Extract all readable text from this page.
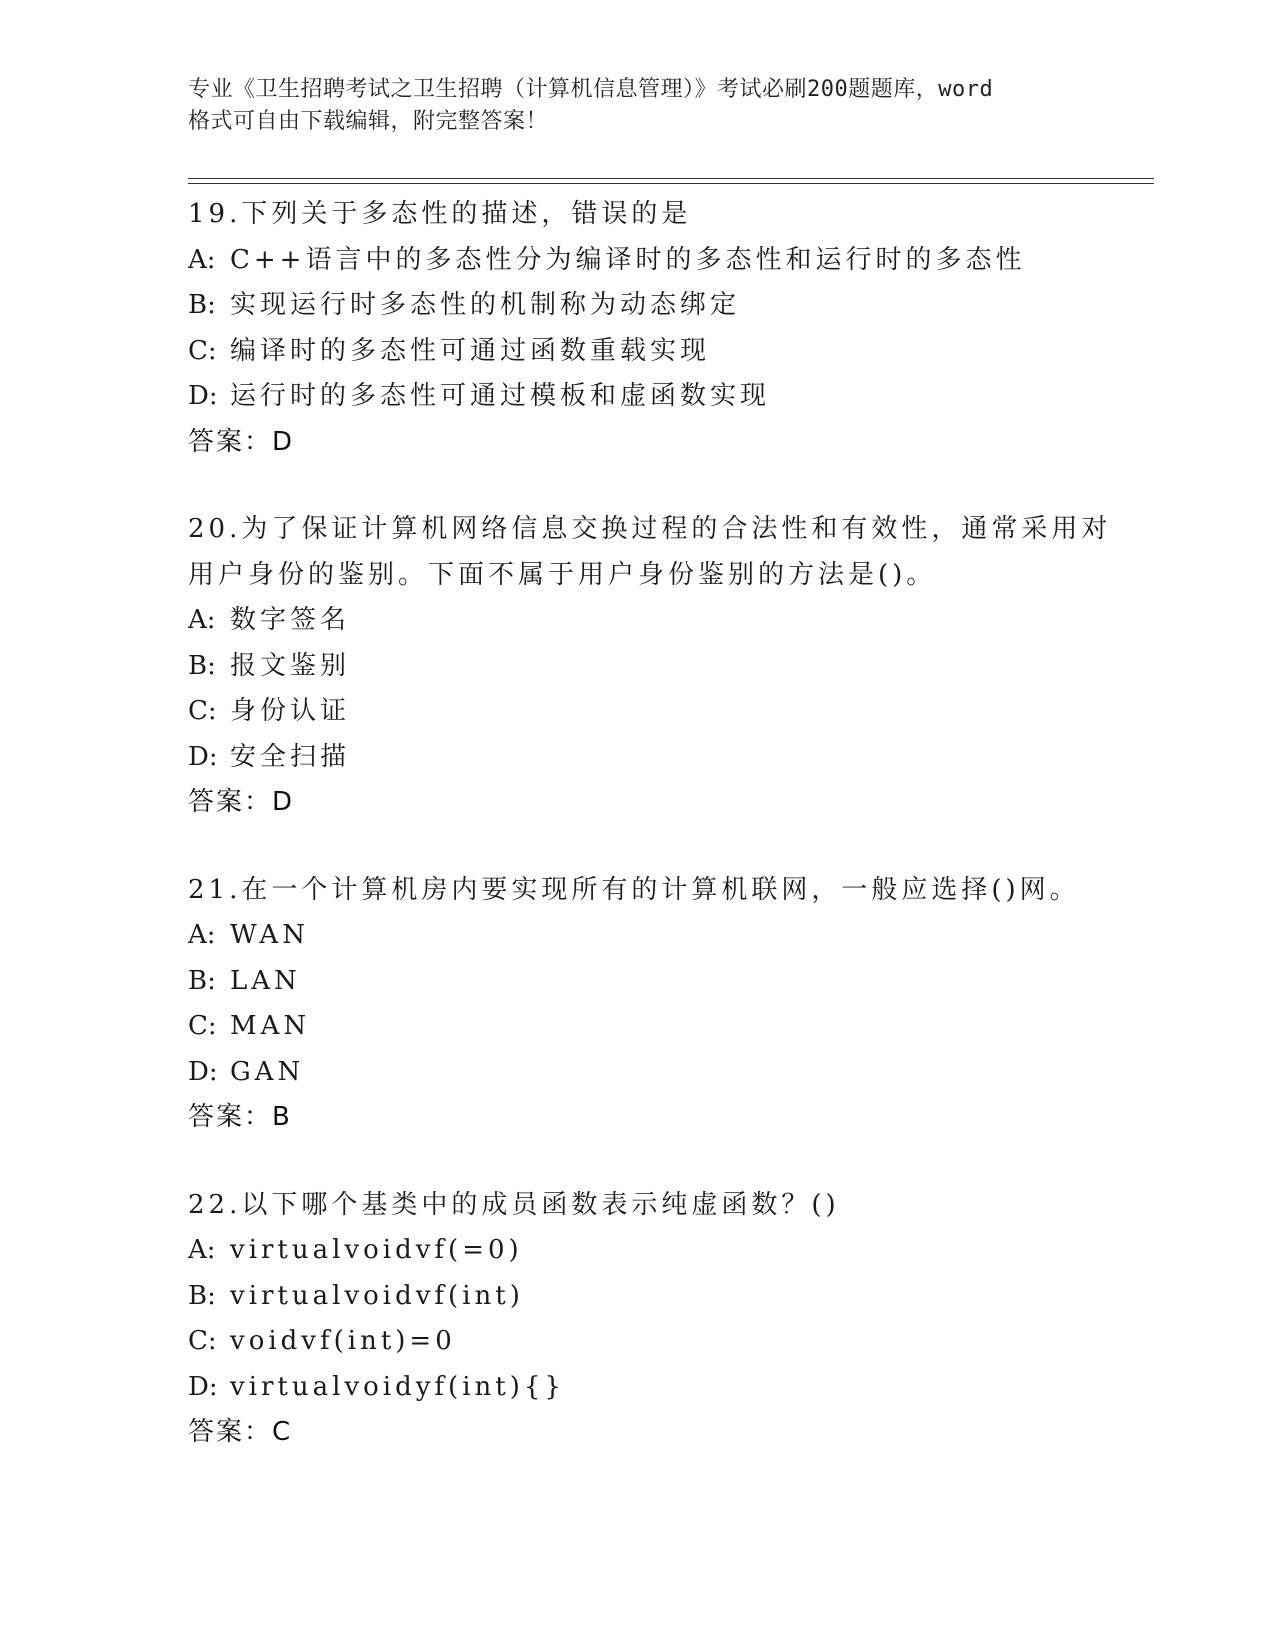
专业《卫生招聘考试之卫生招聘（计算机信息管理）》考试必刷200题题库，word
格式可自由下载编辑，附完整答案！
19.下列关于多态性的描述，错误的是
A: C++语言中的多态性分为编译时的多态性和运行时的多态性
B: 实现运行时多态性的机制称为动态绑定
C: 编译时的多态性可通过函数重载实现
D: 运行时的多态性可通过模板和虚函数实现
答案：D
20.为了保证计算机网络信息交换过程的合法性和有效性，通常采用对
用户身份的鉴别。下面不属于用户身份鉴别的方法是()。
A: 数字签名
B: 报文鉴别
C: 身份认证
D: 安全扫描
答案：D
21.在一个计算机房内要实现所有的计算机联网，一般应选择()网。
A: WAN
B: LAN
C: MAN
D: GAN
答案：B
22.以下哪个基类中的成员函数表示纯虚函数？()
A: virtualvoidvf(=0)
B: virtualvoidvf(int)
C: voidvf(int)=0
D: virtualvoidyf(int){}
答案：C
